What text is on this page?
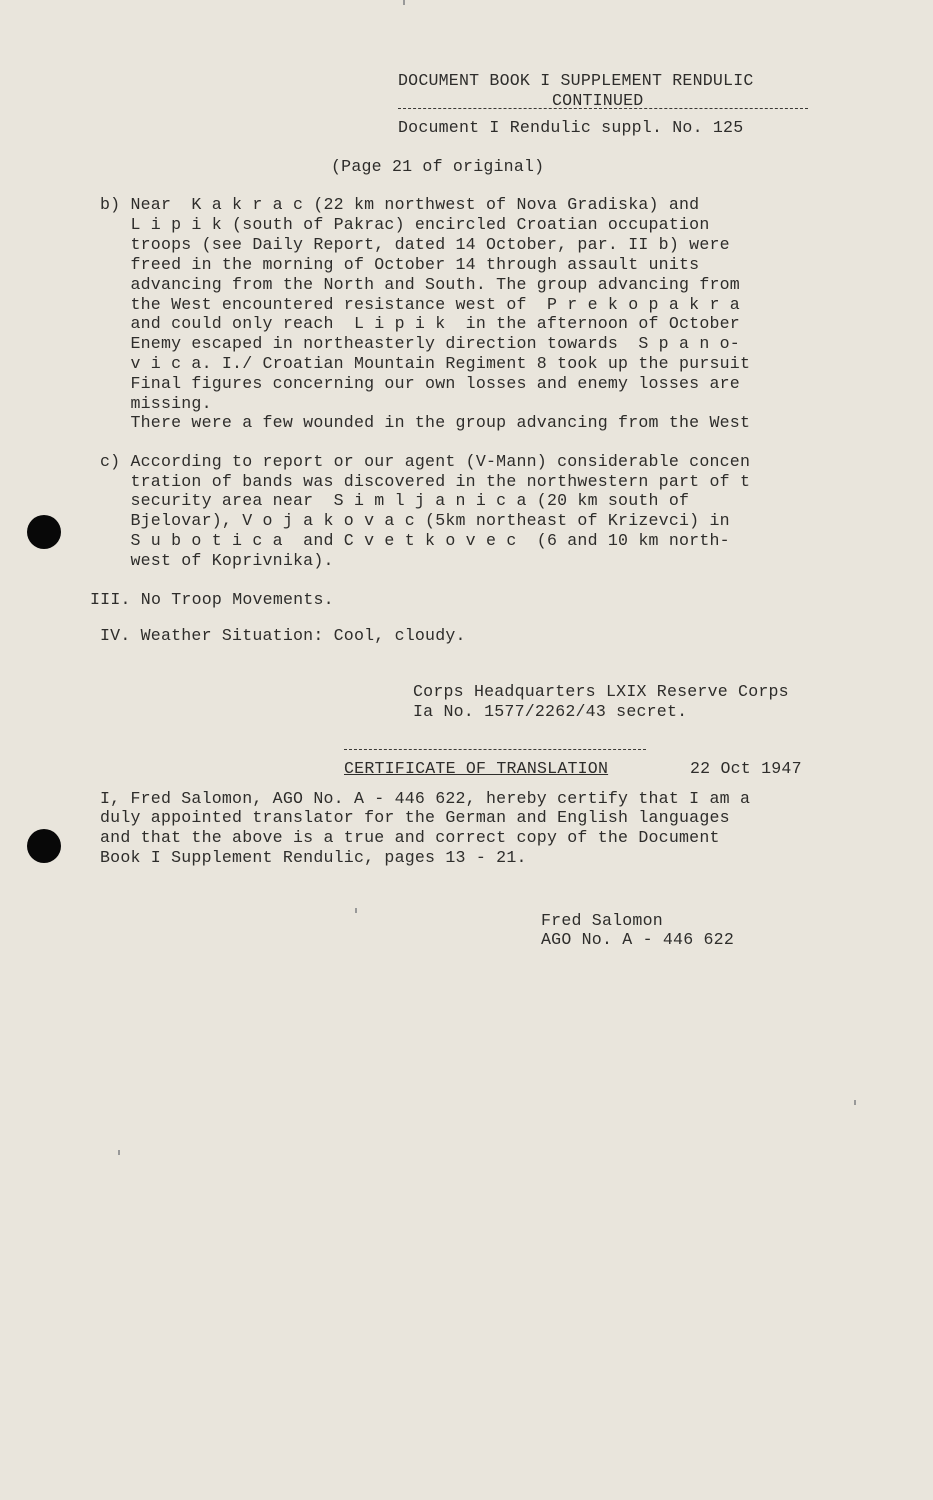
DOCUMENT BOOK I SUPPLEMENT RENDULIC
CONTINUED
Document I Rendulic suppl. No. 125
(Page 21 of original)
b) Near  K a k r a c (22 km northwest of Nova Gradiska) and
L i p i k (south of Pakrac) encircled Croatian occupation
troops (see Daily Report, dated 14 October, par. II b) were
freed in the morning of October 14 through assault units
advancing from the North and South. The group advancing from
the West encountered resistance west of  P r e k o p a k r a
and could only reach  L i p i k  in the afternoon of October
Enemy escaped in northeasterly direction towards  S p a n o-
v i c a. I./ Croatian Mountain Regiment 8 took up the pursuit
Final figures concerning our own losses and enemy losses are
missing.
There were a few wounded in the group advancing from the West
c) According to report or our agent (V-Mann) considerable concen
tration of bands was discovered in the northwestern part of t
security area near  S i m l j a n i c a (20 km south of
Bjelovar), V o j a k o v a c (5km northeast of Krizevci) in
S u b o t i c a  and C v e t k o v e c  (6 and 10 km north-
west of Koprivnika).
III. No Troop Movements.
IV. Weather Situation: Cool, cloudy.
Corps Headquarters LXIX Reserve Corps
Ia No. 1577/2262/43 secret.
CERTIFICATE OF TRANSLATION	22 Oct 1947
I, Fred Salomon, AGO No. A - 446 622, hereby certify that I am a
duly appointed translator for the German and English languages
and that the above is a true and correct copy of the Document
Book I Supplement Rendulic, pages 13 - 21.
Fred Salomon
AGO No. A - 446 622
